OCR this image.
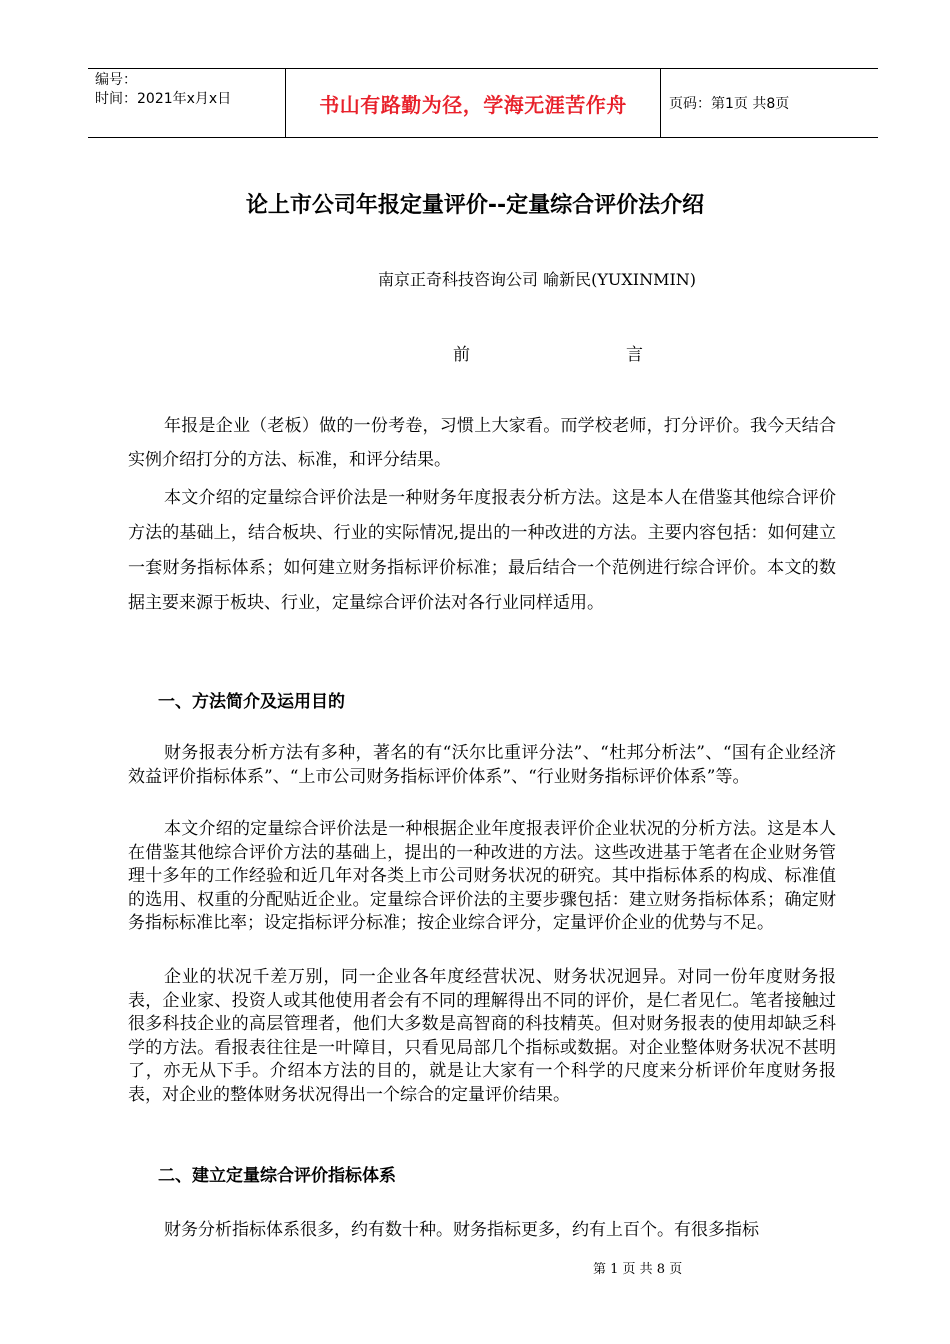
编号：
时间：2021年x月x日	书山有路勤为径，学海无涯苦作舟	页码：第1页 共8页
论上市公司年报定量评价--定量综合评价法介绍
南京正奇科技咨询公司 喻新民(YUXINMIN)
前	言

年报是企业（老板）做的一份考卷，习惯上大家看。而学校老师，打分评价。我今天结合实例介绍打分的方法、标准，和评分结果。

本文介绍的定量综合评价法是一种财务年度报表分析方法。这是本人在借鉴其他综合评价方法的基础上，结合板块、行业的实际情况,提出的一种改进的方法。主要内容包括：如何建立一套财务指标体系；如何建立财务指标评价标准；最后结合一个范例进行综合评价。本文的数据主要来源于板块、行业，定量综合评价法对各行业同样适用。

一、方法简介及运用目的

财务报表分析方法有多种，著名的有“沃尔比重评分法”、“杜邦分析法”、“国有企业经济效益评价指标体系”、“上市公司财务指标评价体系”、“行业财务指标评价体系”等。

本文介绍的定量综合评价法是一种根据企业年度报表评价企业状况的分析方法。这是本人在借鉴其他综合评价方法的基础上，提出的一种改进的方法。这些改进基于笔者在企业财务管理十多年的工作经验和近几年对各类上市公司财务状况的研究。其中指标体系的构成、标准值的选用、权重的分配贴近企业。定量综合评价法的主要步骤包括：建立财务指标体系；确定财务指标标准比率；设定指标评分标准；按企业综合评分，定量评价企业的优势与不足。

企业的状况千差万别，同一企业各年度经营状况、财务状况迥异。对同一份年度财务报表，企业家、投资人或其他使用者会有不同的理解得出不同的评价，是仁者见仁。笔者接触过很多科技企业的高层管理者，他们大多数是高智商的科技精英。但对财务报表的使用却缺乏科学的方法。看报表往往是一叶障目，只看见局部几个指标或数据。对企业整体财务状况不甚明了，亦无从下手。介绍本方法的目的，就是让大家有一个科学的尺度来分析评价年度财务报表，对企业的整体财务状况得出一个综合的定量评价结果。

二、建立定量综合评价指标体系

财务分析指标体系很多，约有数十种。财务指标更多，约有上百个。有很多指标

第 1 页 共 8 页
